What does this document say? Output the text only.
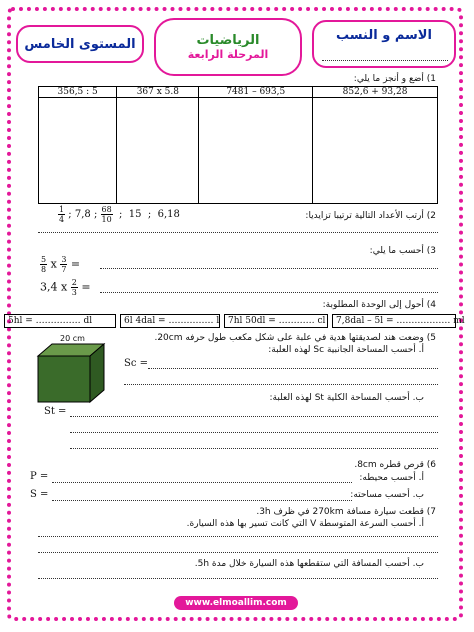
المستوى الخامس	الرياضيات
المرحلة الرابعة
الاسم و النسب
1) أضع و أنجز ما يلي:
356,5 : 5	367 x 5.8	7481 – 693,5	852,6 + 93,28

2) أرتب الأعداد التالية ترتيبا تزايديا:
$\frac{1}{4}$ ; 7,8 ; $\frac{68}{10}$ ; 15 ; 6,18
3) أحسب ما يلي:
$\frac{5}{8}$ x $\frac{3}{7}$ =
3,4 x $\frac{2}{3}$ =
4) أحول إلى الوحدة المطلوبة:
5hl = …………… dl	6l 4dal = …………… l 7hl 50dl = ………… cl	7,8dal – 5l = ……………… ml
5) وضعت هند لصديقتها هدية في علبة على شكل مكعب طول حرفه 20cm.
20 cm
أ. أحسب المساحة الجانبية Sc لهذه العلبة:
Sc =
ب. أحسب المساحة الكلية St لهذه العلبة:
St =
6) قرص قطره 8cm.
أ. أحسب محيطه:
P =
ب. أحسب مساحته:
S =
7) قطعت سيارة مسافة 270km في ظرف 3h.
أ. أحسب السرعة المتوسطة V التي كانت تسير بها هذه السيارة.
ب. أحسب المسافة التي ستقطعها هذه السيارة خلال مدة 5h.
www.elmoallim.com
